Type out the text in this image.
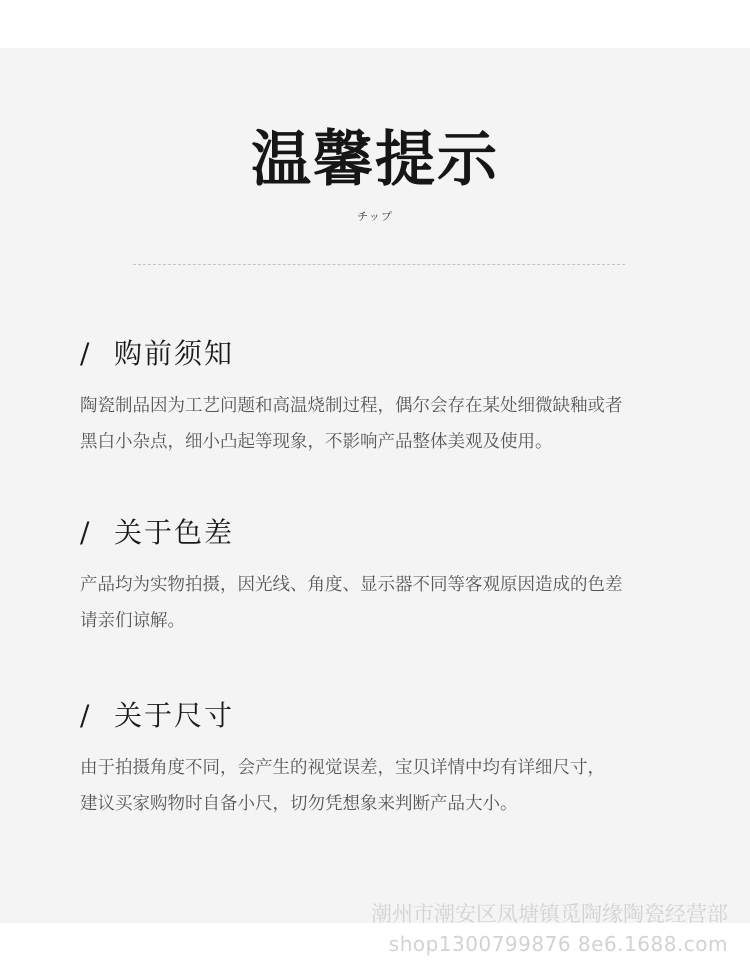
温馨提示
チップ
/ 购前须知
陶瓷制品因为工艺问题和高温烧制过程，偶尔会存在某处细微缺釉或者
黑白小杂点，细小凸起等现象，不影响产品整体美观及使用。
/ 关于色差
产品均为实物拍摄，因光线、角度、显示器不同等客观原因造成的色差
请亲们谅解。
/ 关于尺寸
由于拍摄角度不同，会产生的视觉误差，宝贝详情中均有详细尺寸，
建议买家购物时自备小尺，切勿凭想象来判断产品大小。
潮州市潮安区凤塘镇觅陶缘陶瓷经营部
shop1300799876 8e6.1688.com
